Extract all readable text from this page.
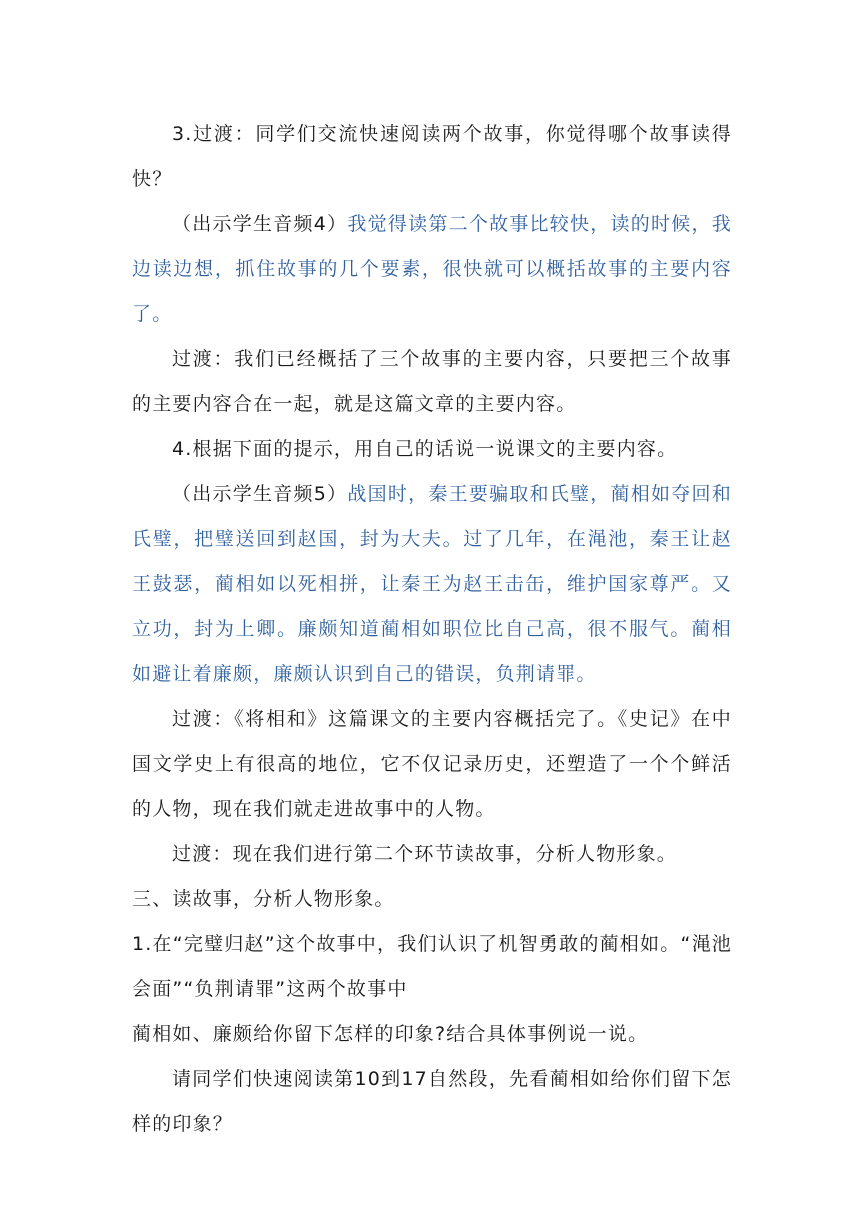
3.过渡：同学们交流快速阅读两个故事，你觉得哪个故事读得快？

（出示学生音频4）我觉得读第二个故事比较快，读的时候，我边读边想，抓住故事的几个要素，很快就可以概括故事的主要内容了。

过渡：我们已经概括了三个故事的主要内容，只要把三个故事的主要内容合在一起，就是这篇文章的主要内容。

4.根据下面的提示，用自己的话说一说课文的主要内容。

（出示学生音频5）战国时，秦王要骗取和氏璧，蔺相如夺回和氏璧，把璧送回到赵国，封为大夫。过了几年，在渑池，秦王让赵王鼓瑟，蔺相如以死相拼，让秦王为赵王击缶，维护国家尊严。又立功，封为上卿。廉颇知道蔺相如职位比自己高，很不服气。蔺相如避让着廉颇，廉颇认识到自己的错误，负荆请罪。

过渡：《将相和》这篇课文的主要内容概括完了。《史记》在中国文学史上有很高的地位，它不仅记录历史，还塑造了一个个鲜活的人物，现在我们就走进故事中的人物。

过渡：现在我们进行第二个环节读故事，分析人物形象。

三、读故事，分析人物形象。

1.在“完璧归赵”这个故事中，我们认识了机智勇敢的蔺相如。“渑池会面”“负荆请罪”这两个故事中

蔺相如、廉颇给你留下怎样的印象?结合具体事例说一说。

请同学们快速阅读第10到17自然段，先看蔺相如给你们留下怎样的印象？
